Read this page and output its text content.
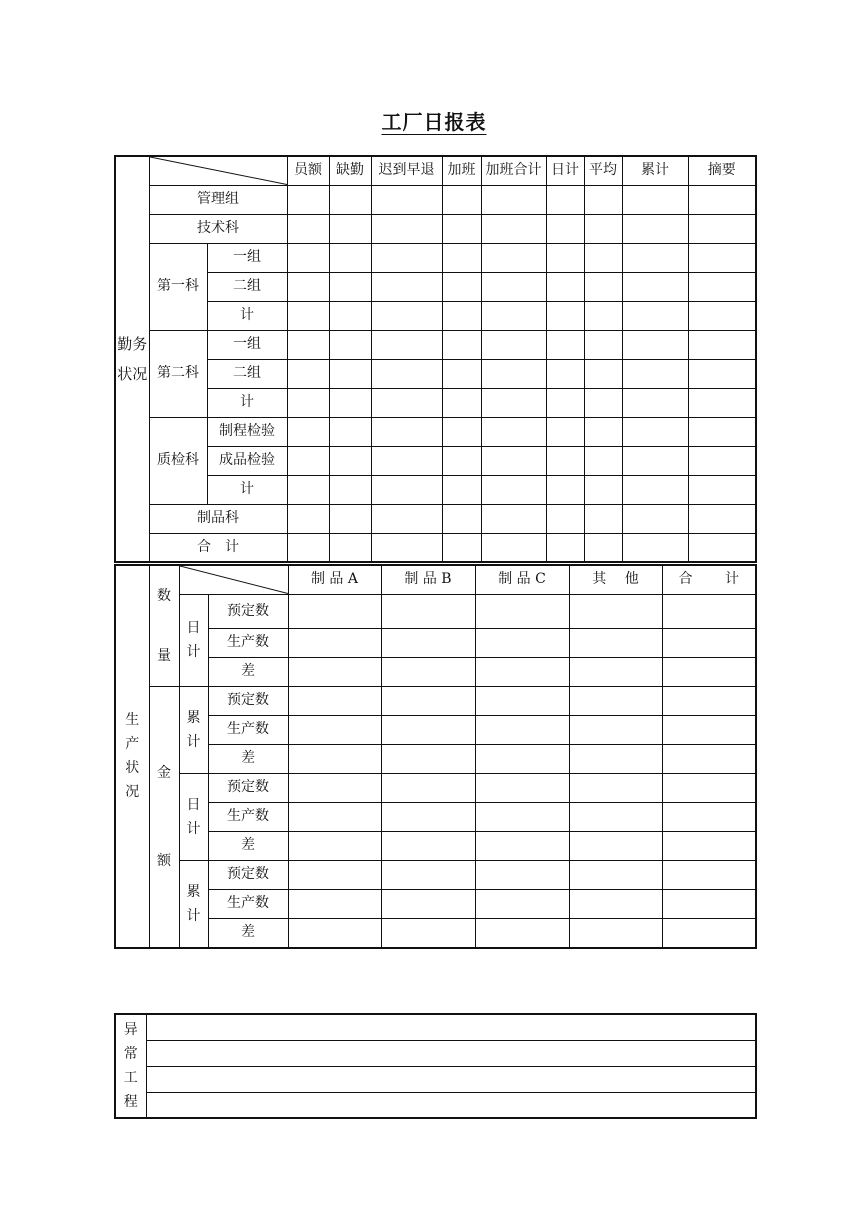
工厂日报表
勤务状况			员额	缺勤	迟到早退	加班	加班合计	日计	平均	累计	摘要
	管理组										
	技术科										
	第一科	一组									
		二组									
		计									
	第二科	一组									
		二组									
		计									
	质检科	制程检验									
		成品检验									
		计									
	制品科										
	合　计										
生产状况	数量			制 品 A	制 品 B	制 品 C	其　 他	合　　 计
		日计	预定数					
			生产数					
			差					
	金额	累计	预定数					
			生产数					
			差					
		日计	预定数					
			生产数					
			差					
		累计	预定数					
			生产数					
			差					
异常工程	
